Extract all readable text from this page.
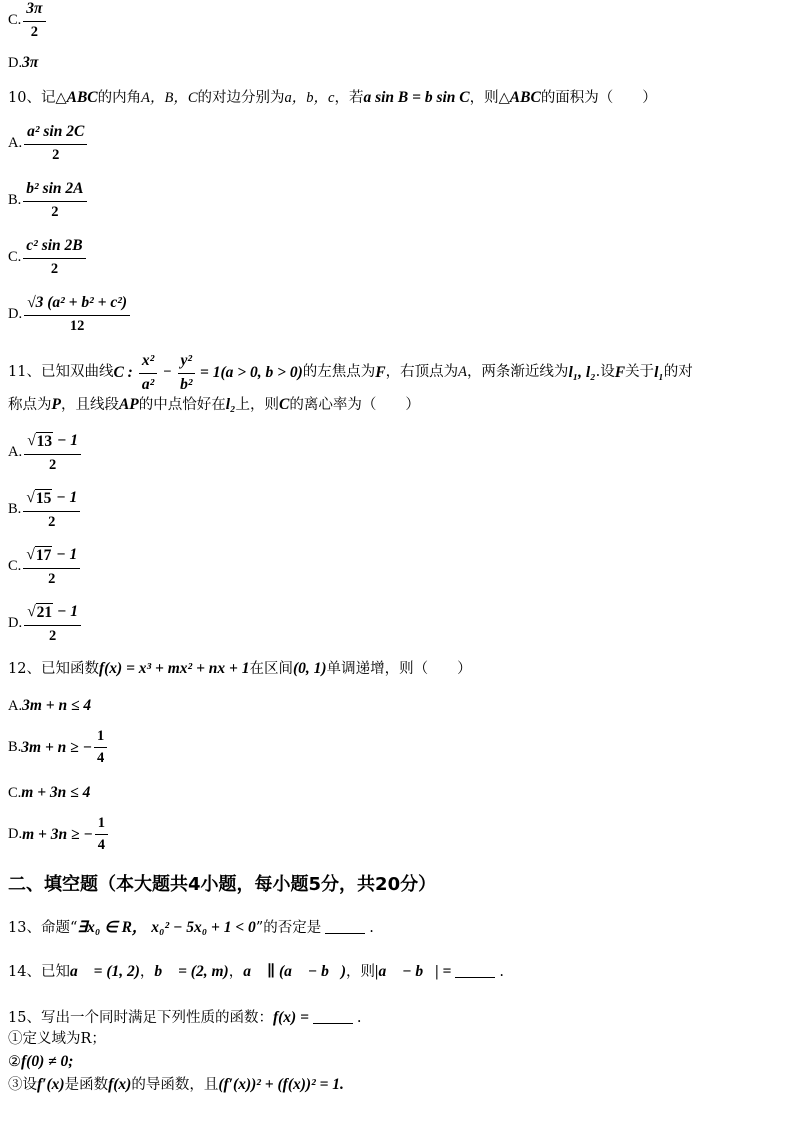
C. $\frac{3\pi}{2}$
D.3π
10、记△ABC的内角A，B，C的对边分别为a，b，c，若a sin B = b sin C，则△ABC的面积为（　　）
A. $\frac{\text{a² sin 2C}}{2}$
B. $\frac{\text{b² sin 2A}}{2}$
C. $\frac{\text{c² sin 2B}}{2}$
D. $\frac{\text{√3 (a² + b² + c²)}}{12}$
11、 已知双曲线 C : $\frac{\text{x²}}{\text{a²}} - \frac{\text{y²}}{\text{b²}} = 1(a > 0$, b > 0) 的左焦点为 F ，右顶点为 A ，两条渐近线为 l₁, l₂ .设 F 关于 l₁ 的对
称点为P，且线段AP的中点恰好在l₂上，则C的离心率为（　　）
A. $\frac{√ 13 - 1}{2}$
B. $\frac{√ 15 - 1}{2}$
C. $\frac{√ 17 - 1}{2}$
D. $\frac{√ 21 - 1}{2}$
12、已知函数f(x) = x³ + mx² + nx + 1在区间(0, 1)单调递增，则（　　）
A.3m + n ≤ 4
B. 3m + n ≥ − $\frac{1}{4}$
C.m + 3n ≤ 4
D. m + 3n ≥ − $\frac{1}{4}$
二、填空题（本大题共4小题，每小题5分，共20分）
13、命题“∃x₀ ∈ R， x₀² − 5x₀ + 1 < 0”的否定是	.
14、已知a⃗ = (1, 2)，b⃗ = (2, m)，a⃗ ∥ (a⃗ − b⃗)，则|a⃗ − b⃗| =	.
15、写出一个同时满足下列性质的函数：f(x) =	.
①定义域为R；
②f(0) ≠ 0;
③设f′(x)是函数f(x)的导函数，且(f′(x))² + (f(x))² = 1.
